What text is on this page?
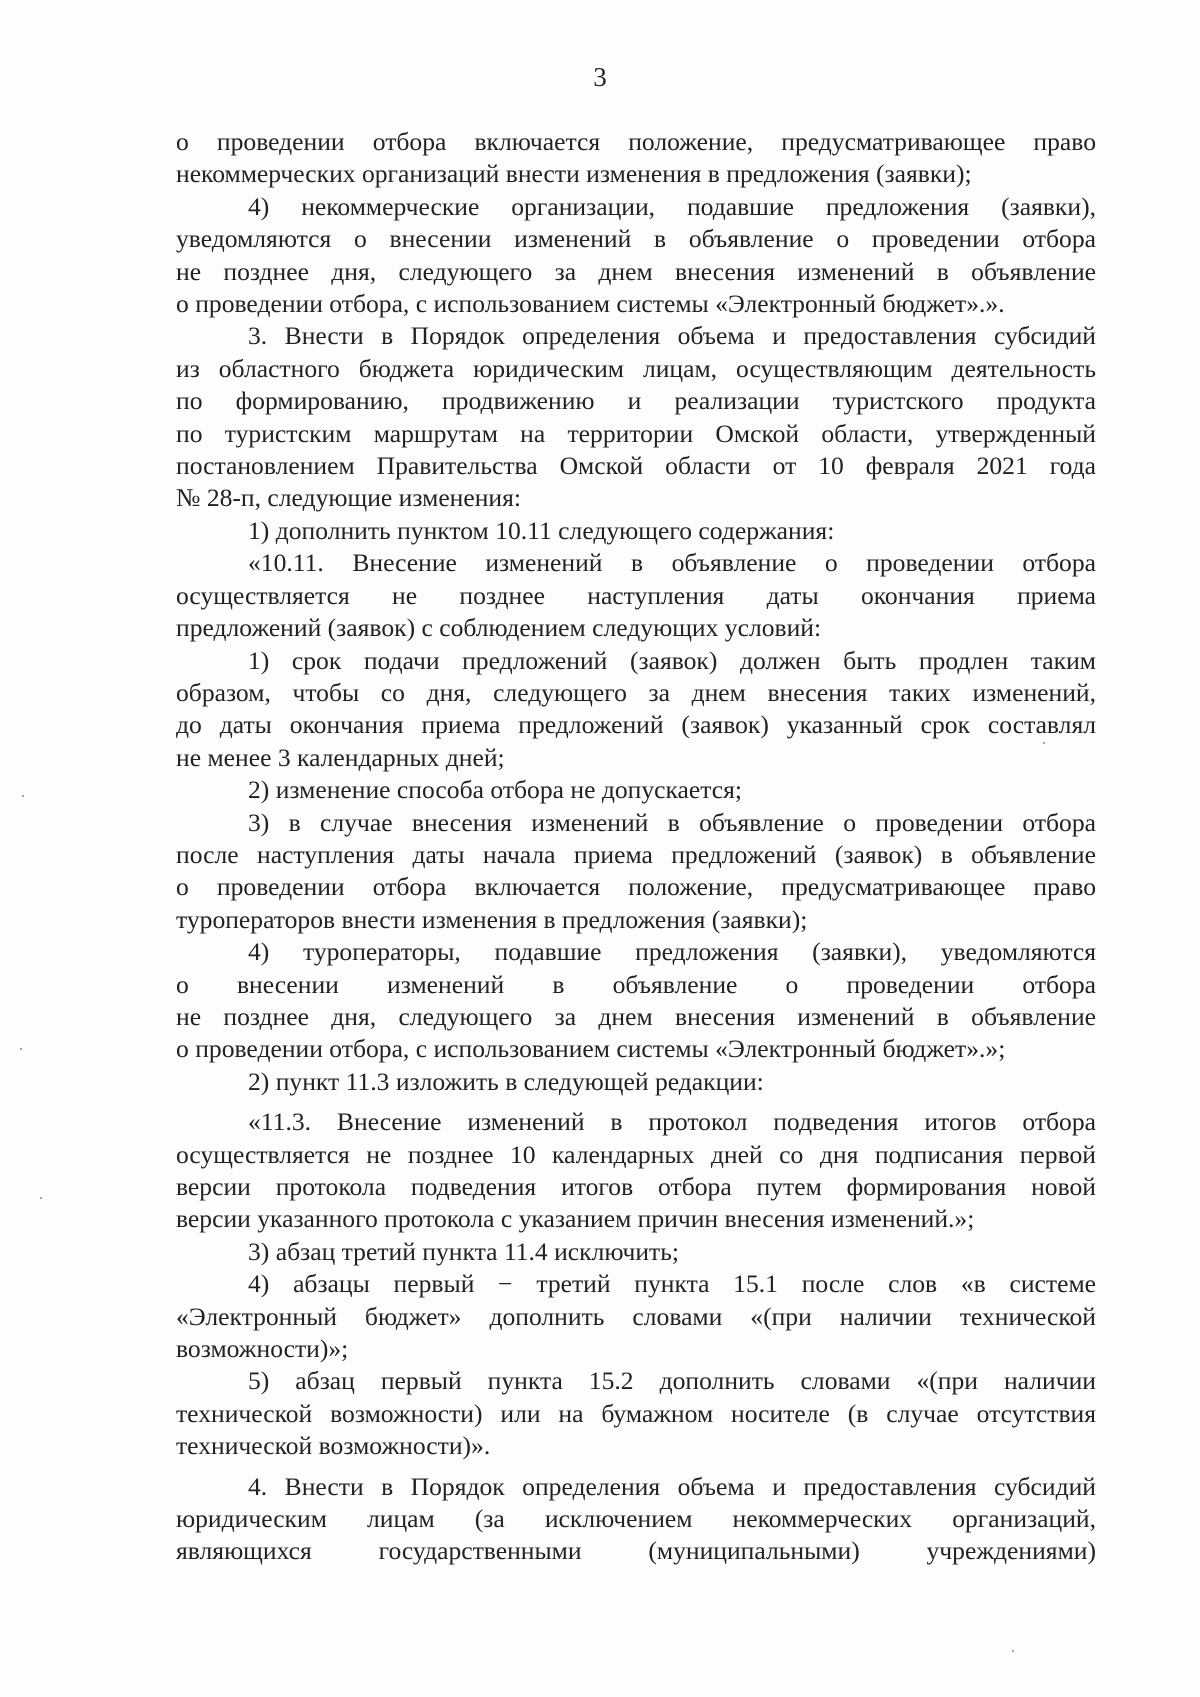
3
о проведении отбора включается положение, предусматривающее право
некоммерческих организаций внести изменения в предложения (заявки);
4) некоммерческие организации, подавшие предложения (заявки),
уведомляются о внесении изменений в объявление о проведении отбора
не позднее дня, следующего за днем внесения изменений в объявление
о проведении отбора, с использованием системы «Электронный бюджет».».
3. Внести в Порядок определения объема и предоставления субсидий
из областного бюджета юридическим лицам, осуществляющим деятельность
по формированию, продвижению и реализации туристского продукта
по туристским маршрутам на территории Омской области, утвержденный
постановлением Правительства Омской области от 10 февраля 2021 года
№ 28-п, следующие изменения:
1) дополнить пунктом 10.11 следующего содержания:
«10.11. Внесение изменений в объявление о проведении отбора
осуществляется не позднее наступления даты окончания приема
предложений (заявок) с соблюдением следующих условий:
1) срок подачи предложений (заявок) должен быть продлен таким
образом, чтобы со дня, следующего за днем внесения таких изменений,
до даты окончания приема предложений (заявок) указанный срок составлял
не менее 3 календарных дней;
2) изменение способа отбора не допускается;
3) в случае внесения изменений в объявление о проведении отбора
после наступления даты начала приема предложений (заявок) в объявление
о проведении отбора включается положение, предусматривающее право
туроператоров внести изменения в предложения (заявки);
4) туроператоры, подавшие предложения (заявки), уведомляются
о внесении изменений в объявление о проведении отбора
не позднее дня, следующего за днем внесения изменений в объявление
о проведении отбора, с использованием системы «Электронный бюджет».»;
2) пункт 11.3 изложить в следующей редакции:
«11.3. Внесение изменений в протокол подведения итогов отбора
осуществляется не позднее 10 календарных дней со дня подписания первой
версии протокола подведения итогов отбора путем формирования новой
версии указанного протокола с указанием причин внесения изменений.»;
3) абзац третий пункта 11.4 исключить;
4) абзацы первый − третий пункта 15.1 после слов «в системе
«Электронный бюджет» дополнить словами «(при наличии технической
возможности)»;
5) абзац первый пункта 15.2 дополнить словами «(при наличии
технической возможности) или на бумажном носителе (в случае отсутствия
технической возможности)».
4. Внести в Порядок определения объема и предоставления субсидий
юридическим лицам (за исключением некоммерческих организаций,
являющихся государственными (муниципальными) учреждениями)
